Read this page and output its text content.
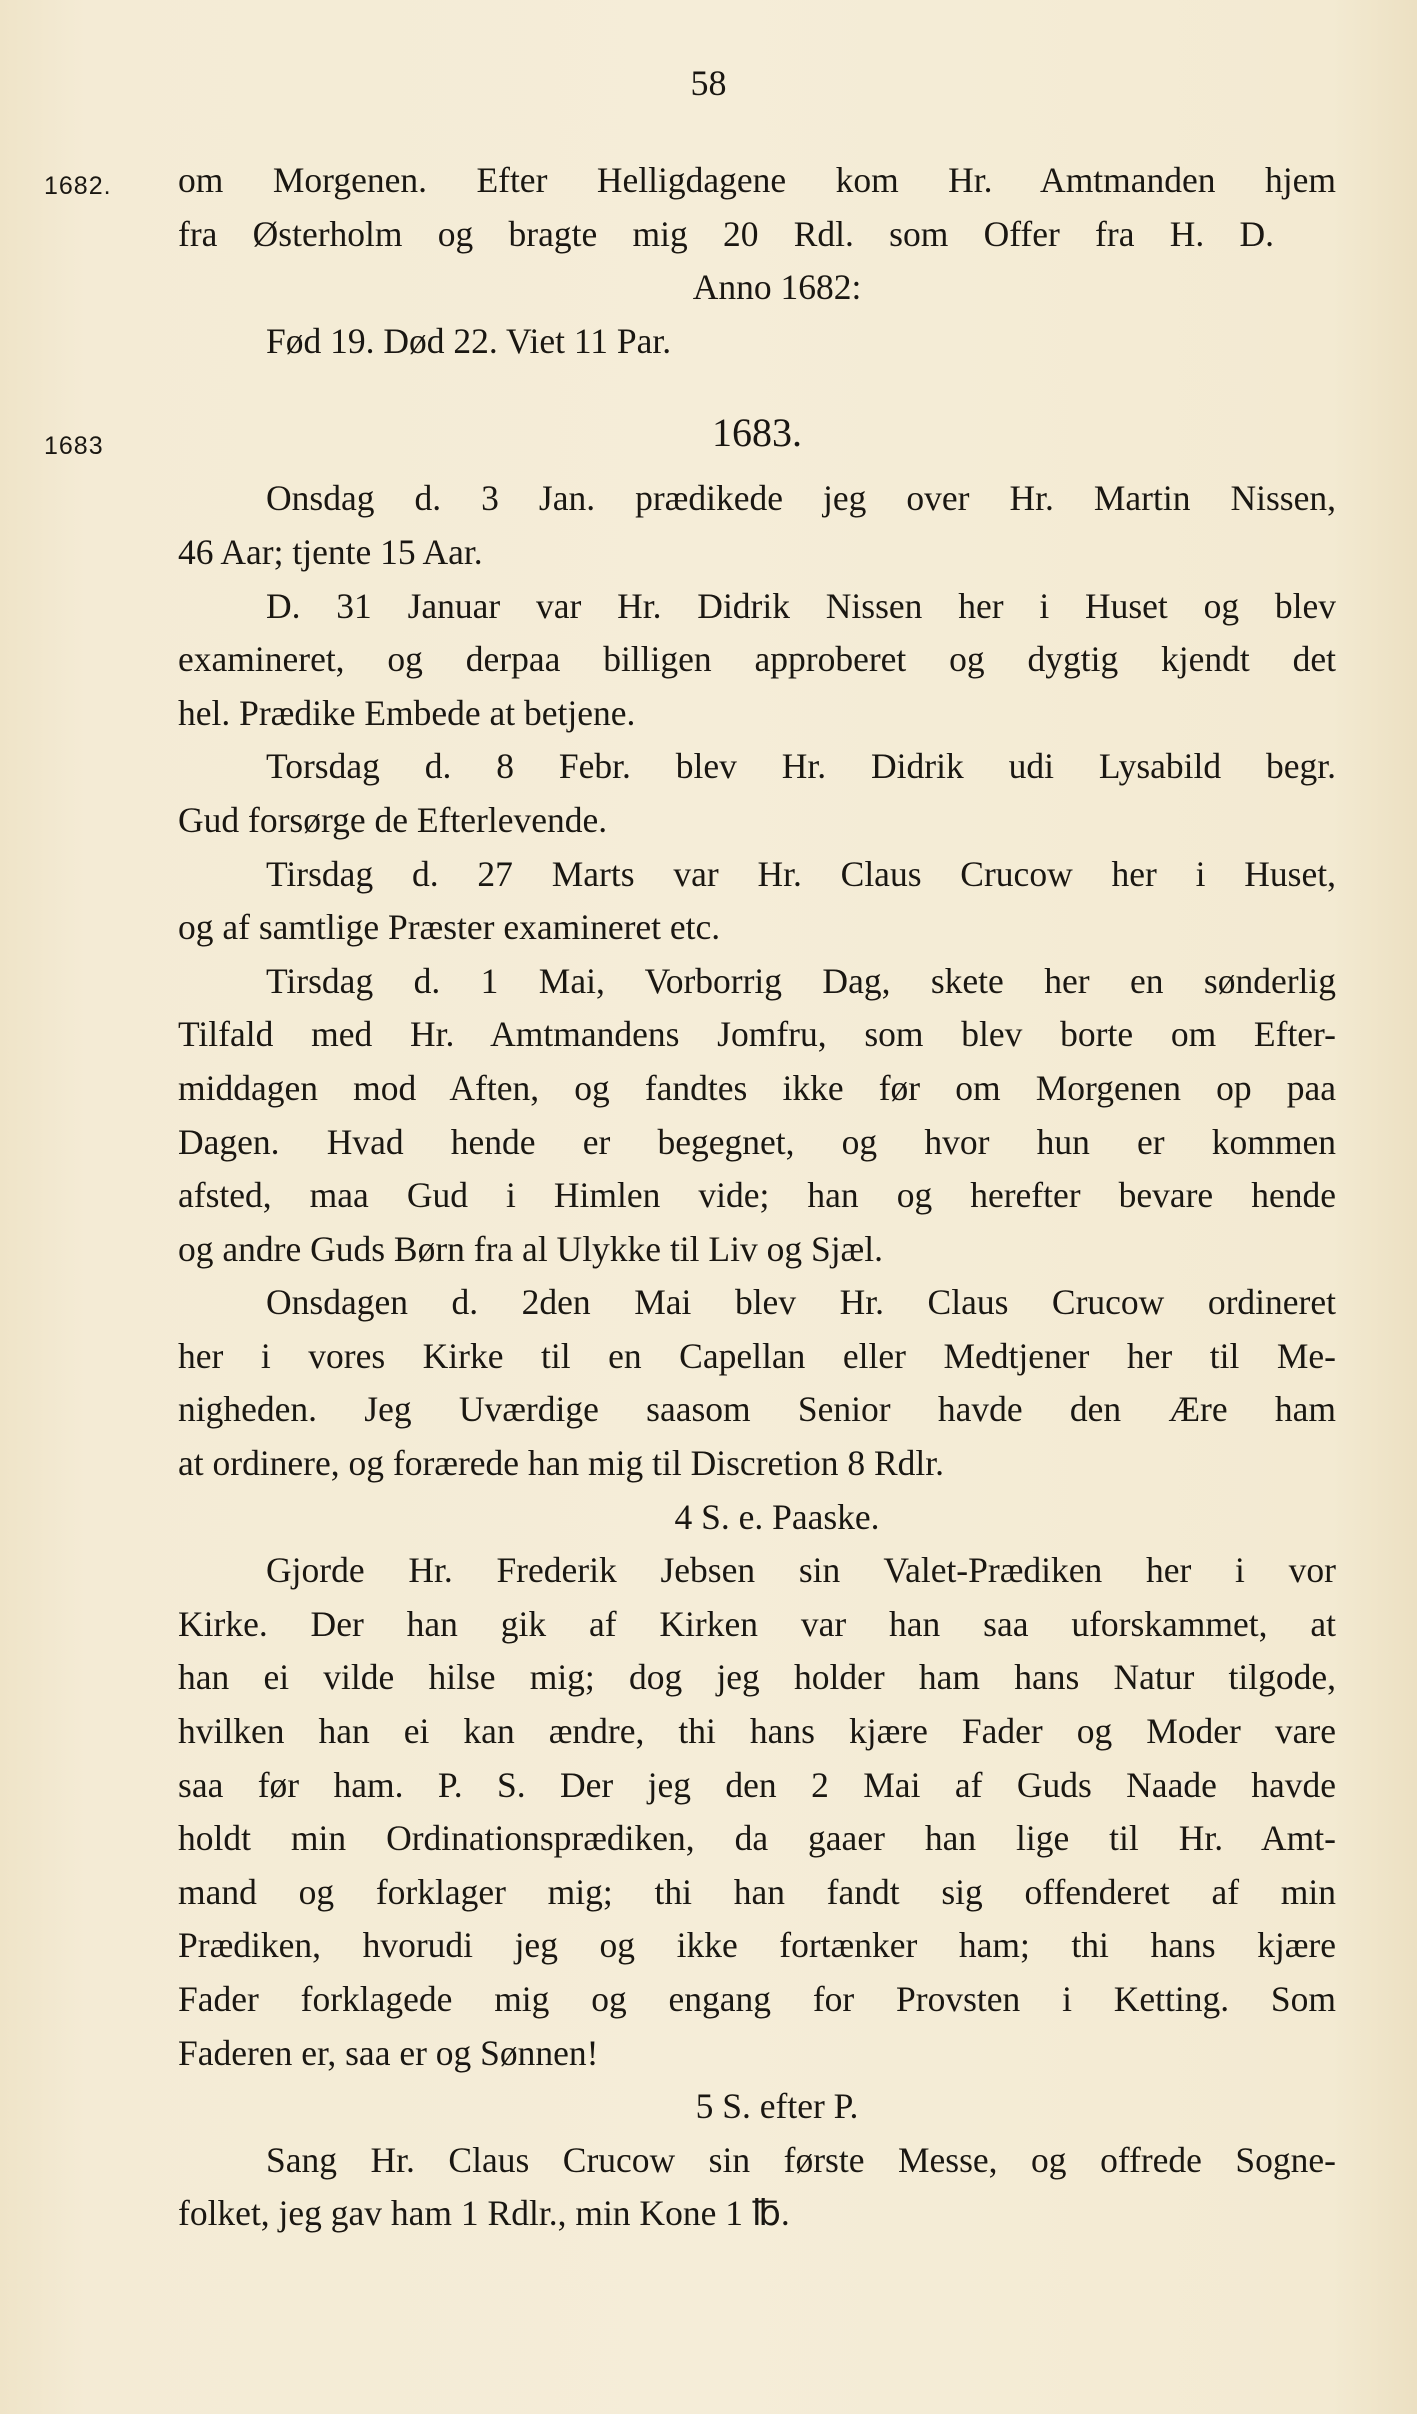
58
1682.
1683
om Morgenen. Efter Helligdagene kom Hr. Amtmanden hjem
fra Østerholm og bragte mig 20 Rdl. som Offer fra H. D.
Anno 1682:
Fød 19. Død 22. Viet 11 Par.
1683.
Onsdag d. 3 Jan. prædikede jeg over Hr. Martin Nissen,
46 Aar; tjente 15 Aar.
D. 31 Januar var Hr. Didrik Nissen her i Huset og blev
examineret, og derpaa billigen approberet og dygtig kjendt det
hel. Prædike Embede at betjene.
Torsdag d. 8 Febr. blev Hr. Didrik udi Lysabild begr.
Gud forsørge de Efterlevende.
Tirsdag d. 27 Marts var Hr. Claus Crucow her i Huset,
og af samtlige Præster examineret etc.
Tirsdag d. 1 Mai, Vorborrig Dag, skete her en sønderlig
Tilfald med Hr. Amtmandens Jomfru, som blev borte om Efter-
middagen mod Aften, og fandtes ikke før om Morgenen op paa
Dagen. Hvad hende er begegnet, og hvor hun er kommen
afsted, maa Gud i Himlen vide; han og herefter bevare hende
og andre Guds Børn fra al Ulykke til Liv og Sjæl.
Onsdagen d. 2den Mai blev Hr. Claus Crucow ordineret
her i vores Kirke til en Capellan eller Medtjener her til Me-
nigheden. Jeg Uværdige saasom Senior havde den Ære ham
at ordinere, og forærede han mig til Discretion 8 Rdlr.
4 S. e. Paaske.
Gjorde Hr. Frederik Jebsen sin Valet-Prædiken her i vor
Kirke. Der han gik af Kirken var han saa uforskammet, at
han ei vilde hilse mig; dog jeg holder ham hans Natur tilgode,
hvilken han ei kan ændre, thi hans kjære Fader og Moder vare
saa før ham. P. S. Der jeg den 2 Mai af Guds Naade havde
holdt min Ordinationsprædiken, da gaaer han lige til Hr. Amt-
mand og forklager mig; thi han fandt sig offenderet af min
Prædiken, hvorudi jeg og ikke fortænker ham; thi hans kjære
Fader forklagede mig og engang for Provsten i Ketting. Som
Faderen er, saa er og Sønnen!
5 S. efter P.
Sang Hr. Claus Crucow sin første Messe, og offrede Sogne-
folket, jeg gav ham 1 Rdlr., min Kone 1 ℔.
